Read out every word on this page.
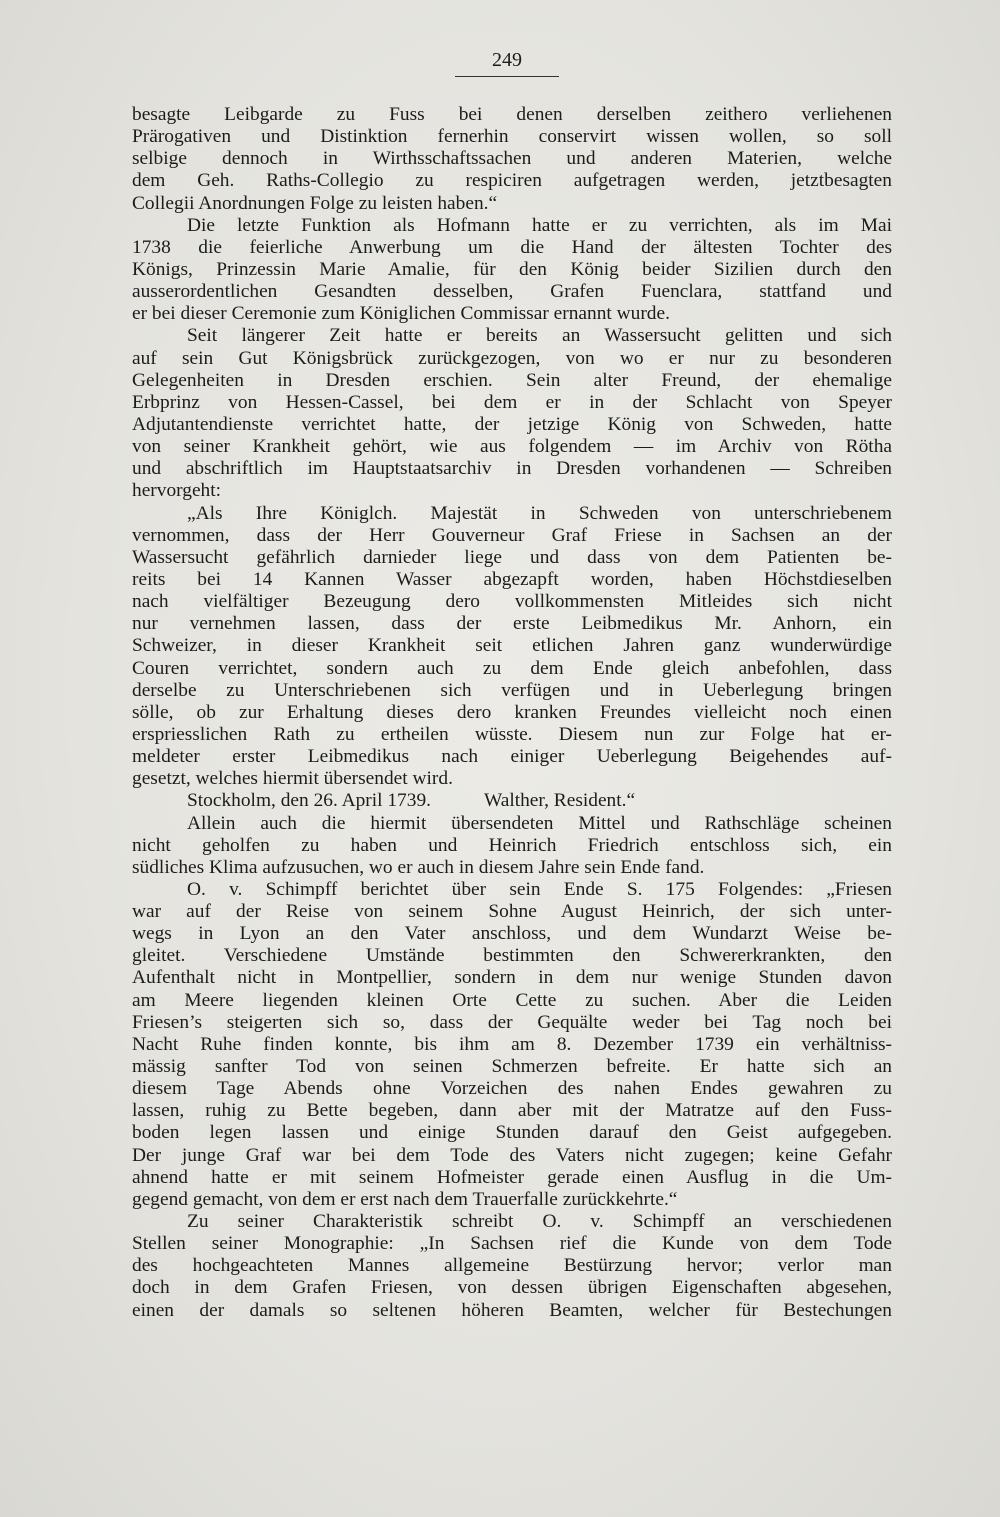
249
besagte Leibgarde zu Fuss bei denen derselben zeithero verliehenen
Prärogativen und Distinktion fernerhin conservirt wissen wollen, so soll
selbige dennoch in Wirthsschaftssachen und anderen Materien, welche
dem Geh. Raths-Collegio zu respiciren aufgetragen werden, jetztbesagten
Collegii Anordnungen Folge zu leisten haben.“
Die letzte Funktion als Hofmann hatte er zu verrichten, als im Mai
1738 die feierliche Anwerbung um die Hand der ältesten Tochter des
Königs, Prinzessin Marie Amalie, für den König beider Sizilien durch den
ausserordentlichen Gesandten desselben, Grafen Fuenclara, stattfand und
er bei dieser Ceremonie zum Königlichen Commissar ernannt wurde.
Seit längerer Zeit hatte er bereits an Wassersucht gelitten und sich
auf sein Gut Königsbrück zurückgezogen, von wo er nur zu besonderen
Gelegenheiten in Dresden erschien. Sein alter Freund, der ehemalige
Erbprinz von Hessen-Cassel, bei dem er in der Schlacht von Speyer
Adjutantendienste verrichtet hatte, der jetzige König von Schweden, hatte
von seiner Krankheit gehört, wie aus folgendem — im Archiv von Rötha
und abschriftlich im Hauptstaatsarchiv in Dresden vorhandenen — Schreiben
hervorgeht:
„Als Ihre Königlch. Majestät in Schweden von unterschriebenem
vernommen, dass der Herr Gouverneur Graf Friese in Sachsen an der
Wassersucht gefährlich darnieder liege und dass von dem Patienten be-
reits bei 14 Kannen Wasser abgezapft worden, haben Höchstdieselben
nach vielfältiger Bezeugung dero vollkommensten Mitleides sich nicht
nur vernehmen lassen, dass der erste Leibmedikus Mr. Anhorn, ein
Schweizer, in dieser Krankheit seit etlichen Jahren ganz wunderwürdige
Couren verrichtet, sondern auch zu dem Ende gleich anbefohlen, dass
derselbe zu Unterschriebenen sich verfügen und in Ueberlegung bringen
sölle, ob zur Erhaltung dieses dero kranken Freundes vielleicht noch einen
erspriesslichen Rath zu ertheilen wüsste. Diesem nun zur Folge hat er-
meldeter erster Leibmedikus nach einiger Ueberlegung Beigehendes auf-
gesetzt, welches hiermit übersendet wird.
Stockholm, den 26. April 1739.           Walther, Resident.“
Allein auch die hiermit übersendeten Mittel und Rathschläge scheinen
nicht geholfen zu haben und Heinrich Friedrich entschloss sich, ein
südliches Klima aufzusuchen, wo er auch in diesem Jahre sein Ende fand.
O. v. Schimpff berichtet über sein Ende S. 175 Folgendes: „Friesen
war auf der Reise von seinem Sohne August Heinrich, der sich unter-
wegs in Lyon an den Vater anschloss, und dem Wundarzt Weise be-
gleitet. Verschiedene Umstände bestimmten den Schwererkrankten, den
Aufenthalt nicht in Montpellier, sondern in dem nur wenige Stunden davon
am Meere liegenden kleinen Orte Cette zu suchen. Aber die Leiden
Friesen’s steigerten sich so, dass der Gequälte weder bei Tag noch bei
Nacht Ruhe finden konnte, bis ihm am 8. Dezember 1739 ein verhältniss-
mässig sanfter Tod von seinen Schmerzen befreite. Er hatte sich an
diesem Tage Abends ohne Vorzeichen des nahen Endes gewahren zu
lassen, ruhig zu Bette begeben, dann aber mit der Matratze auf den Fuss-
boden legen lassen und einige Stunden darauf den Geist aufgegeben.
Der junge Graf war bei dem Tode des Vaters nicht zugegen; keine Gefahr
ahnend hatte er mit seinem Hofmeister gerade einen Ausflug in die Um-
gegend gemacht, von dem er erst nach dem Trauerfalle zurückkehrte.“
Zu seiner Charakteristik schreibt O. v. Schimpff an verschiedenen
Stellen seiner Monographie: „In Sachsen rief die Kunde von dem Tode
des hochgeachteten Mannes allgemeine Bestürzung hervor; verlor man
doch in dem Grafen Friesen, von dessen übrigen Eigenschaften abgesehen,
einen der damals so seltenen höheren Beamten, welcher für Bestechungen
